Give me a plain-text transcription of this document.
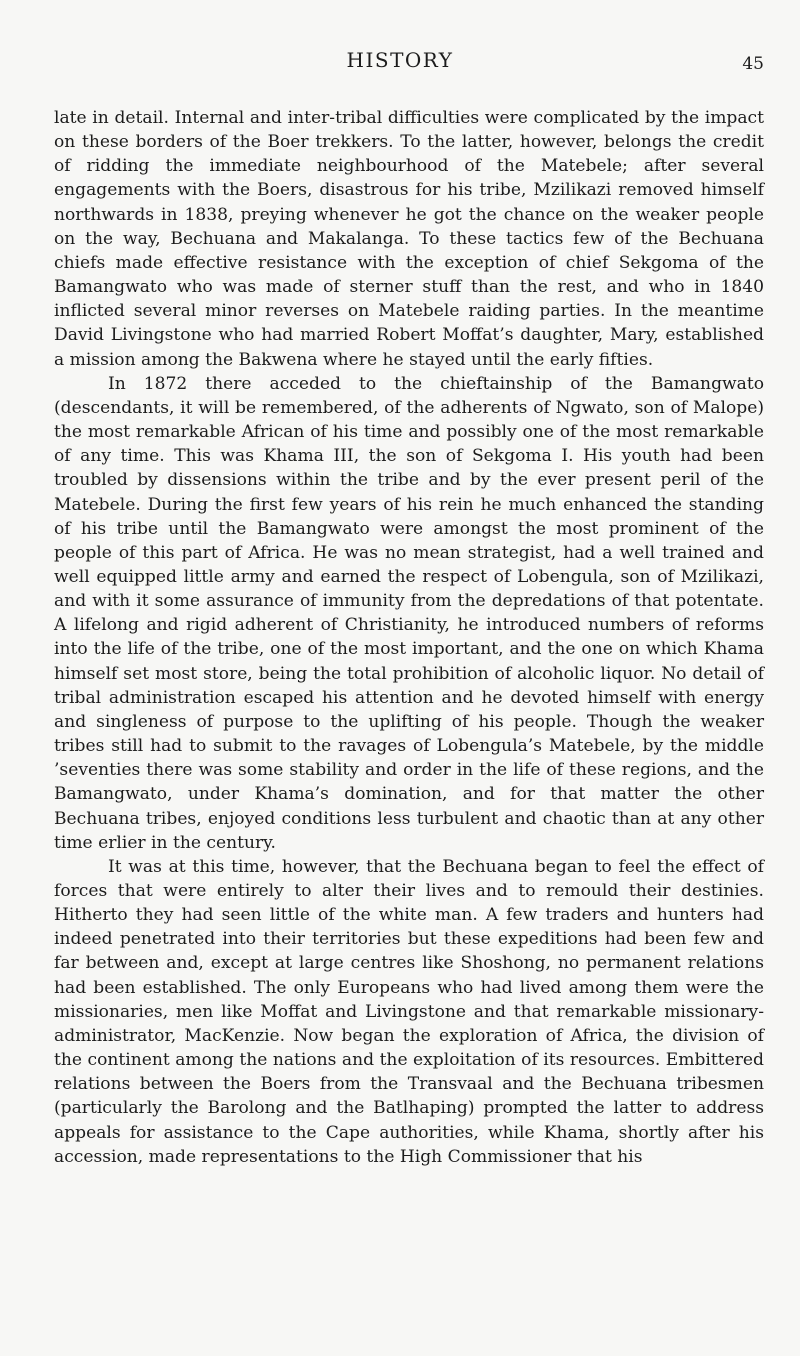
HISTORY	45

late in detail. Internal and inter-tribal difficulties were complicated by the impact on these borders of the Boer trekkers. To the latter, however, belongs the credit of ridding the immediate neighbourhood of the Matebele; after several engagements with the Boers, disastrous for his tribe, Mzilikazi removed himself northwards in 1838, preying whenever he got the chance on the weaker people on the way, Bechuana and Makalanga. To these tactics few of the Bechuana chiefs made effective resistance with the exception of chief Sekgoma of the Bamangwato who was made of sterner stuff than the rest, and who in 1840 inflicted several minor reverses on Matebele raiding parties. In the meantime David Livingstone who had married Robert Moffat’s daughter, Mary, established a mission among the Bakwena where he stayed until the early fifties.

In 1872 there acceded to the chieftainship of the Bamangwato (descendants, it will be remembered, of the adherents of Ngwato, son of Malope) the most remarkable African of his time and possibly one of the most remarkable of any time. This was Khama III, the son of Sekgoma I. His youth had been troubled by dissensions within the tribe and by the ever present peril of the Matebele. During the first few years of his rein he much enhanced the standing of his tribe until the Bamangwato were amongst the most prominent of the people of this part of Africa. He was no mean strategist, had a well trained and well equipped little army and earned the respect of Lobengula, son of Mzilikazi, and with it some assurance of immunity from the depredations of that potentate. A lifelong and rigid adherent of Christianity, he introduced numbers of reforms into the life of the tribe, one of the most important, and the one on which Khama himself set most store, being the total prohibition of alcoholic liquor. No detail of tribal administration escaped his attention and he devoted himself with energy and singleness of purpose to the uplifting of his people. Though the weaker tribes still had to submit to the ravages of Lobengula’s Matebele, by the middle ’seventies there was some stability and order in the life of these regions, and the Bamangwato, under Khama’s domination, and for that matter the other Bechuana tribes, enjoyed conditions less turbulent and chaotic than at any other time erlier in the century.

It was at this time, however, that the Bechuana began to feel the effect of forces that were entirely to alter their lives and to remould their destinies. Hitherto they had seen little of the white man. A few traders and hunters had indeed penetrated into their territories but these expeditions had been few and far between and, except at large centres like Shoshong, no permanent relations had been established. The only Europeans who had lived among them were the missionaries, men like Moffat and Livingstone and that remarkable missionary-administrator, MacKenzie. Now began the exploration of Africa, the division of the continent among the nations and the exploitation of its resources. Embittered relations between the Boers from the Transvaal and the Bechuana tribesmen (particularly the Barolong and the Batlhaping) prompted the latter to address appeals for assistance to the Cape authorities, while Khama, shortly after his accession, made representations to the High Commissioner that his
